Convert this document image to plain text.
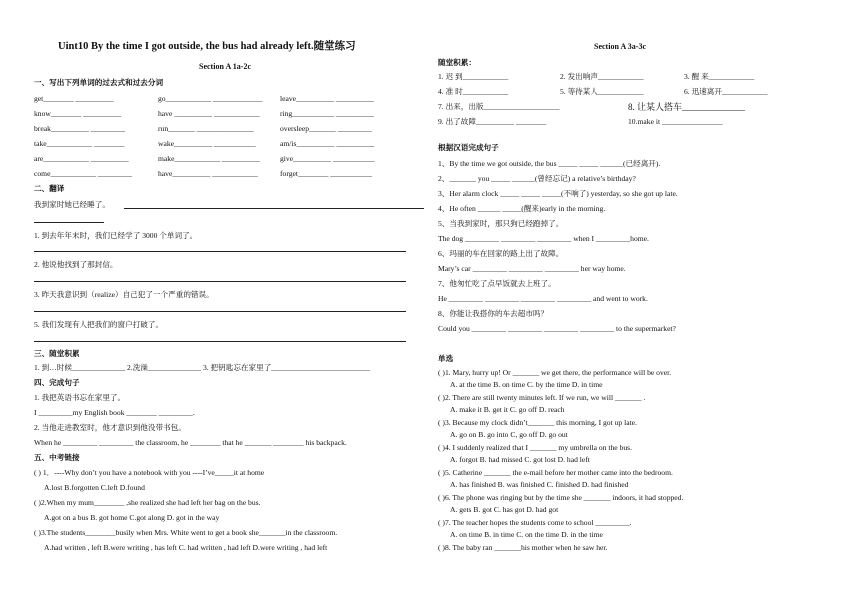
Uint10 By the time I got outside, the bus had already left.随堂练习
Section A 1a-2c
一、写出下列单词的过去式和过去分词
get________ __________	go____________ _____________ leave__________ __________
know________ __________	have __________ ____________	ring___________ __________
break__________ _________	run_______ _______________	oversleep_______ _________
take____________ ________	wake__________ ___________	am/is__________ __________
are____________ __________	make____________ __________	give__________ ___________
come____________ _________	have__________ ____________	forget________ ___________
二、翻译
我到家时她已经睡了。
1. 到去年年末时，我们已经学了 3000 个单词了。
2. 他说他找到了那封信。
3. 昨天我意识到（realize）自己犯了一个严重的错误。
5. 我们发现有人把我们的窗户打破了。
三、随堂积累
1. 到…时候______________ 2.洗澡______________ 3. 把钥匙忘在家里了__________________________
四、完成句子
1. 我把英语书忘在家里了。
I _________my English book ________ _________.
2. 当他走进教室时，他才意识到他没带书包。
When he _________ _________ the classroom, he ________ that he _______ ________ his backpack.
五、中考链接
( ) 1．----Why don’t you have a notebook with you ----I’ve_____it at home
A.lost B.forgotten C.left D.found
( )2.When my mum________ ,she realized she had left her bag on the bus.
A.got on a bus B. got home C.got along D. got in the way
( )3.The students________busily when Mrs. White went to get a book she_______in the classroom.
A.had written , left B.were writing , has left C. had written , had left D.were writing , had left
Section A 3a-3c
随堂积累：
1. 迟 到____________	2. 发出响声____________	3. 醒 来____________
4. 准 时____________	5. 等待某人____________	6. 迅速离开____________
7. 出来，出版____________________	8. 让某人搭车______________
9. 出了故障__________ ________	10.make it ________________
根据汉语完成句子
1、By the time we got outside, the bus _____ _____ ______(已经离开).
2、_______ you _____ ______(曾经忘记) a relative’s birthday?
3、Her alarm clock _____ _____ _____(不响了) yesterday, so she got up late.
4、He often ______ _____(醒来)early in the morning.
5、当我到家时，那只狗已经跑掉了。
The dog _________ _________ _________ when I _________home.
6、玛丽的车在回家的路上出了故障。
Mary’s car _________ _________ _________ her way home.
7、他匆忙吃了点早饭就去上班了。
He _________ _________ _________ _________ and went to work.
8、你能让我搭你的车去超市吗？
Could you _________ _________ _________ _________ to the supermarket?
单选
( )1. Mary, hurry up! Or _______ we get there, the performance will be over.
A. at the time B. on time C. by the time D. in time
( )2. There are still twenty minutes left. If we run, we will _______ .
A. make it B. get it C. go off D. reach
( )3. Because my clock didn’t_______ this morning, I got up late.
A. go on B. go into C, go off D. go out
( )4. I suddenly realized that I _______ my umbrella on the bus.
A. forgot B. had missed C. got lost D. had left
( )5. Catherine _______ the e-mail before her mother came into the bedroom.
A. has finished B. was finished C. finished D. had finished
( )6. The phone was ringing but by the time she _______ indoors, it had stopped.
A. gets B. got C. has got D. had got
( )7. The teacher hopes the students come to school _________.
A. on time B. in time C. on the time D. in the time
( )8. The baby ran _______his mother when he saw her.
